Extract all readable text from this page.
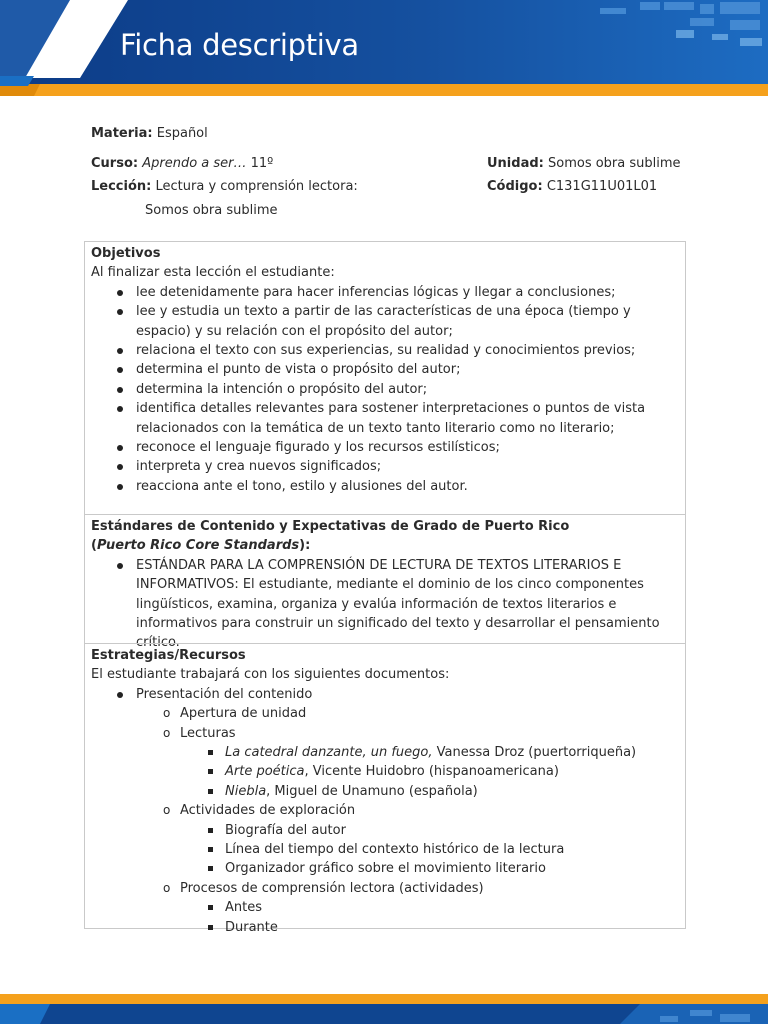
Ficha descriptiva
Materia: Español
Curso: Aprendo a ser… 11º
Lección: Lectura y comprensión lectora:
Somos obra sublime
Unidad: Somos obra sublime
Código: C131G11U01L01
Objetivos
Al finalizar esta lección el estudiante:
lee detenidamente para hacer inferencias lógicas y llegar a conclusiones;
lee y estudia un texto a partir de las características de una época (tiempo y espacio) y su relación con el propósito del autor;
relaciona el texto con sus experiencias, su realidad y conocimientos previos;
determina el punto de vista o propósito del autor;
determina la intención o propósito del autor;
identifica detalles relevantes para sostener interpretaciones o puntos de vista relacionados con la temática de un texto tanto literario como no literario;
reconoce el lenguaje figurado y los recursos estilísticos;
interpreta y crea nuevos significados;
reacciona ante el tono, estilo y alusiones del autor.
Estándares de Contenido y Expectativas de Grado de Puerto Rico
(Puerto Rico Core Standards):
ESTÁNDAR PARA LA COMPRENSIÓN DE LECTURA DE TEXTOS LITERARIOS E INFORMATIVOS: El estudiante, mediante el dominio de los cinco componentes lingüísticos, examina, organiza y evalúa información de textos literarios e informativos para construir un significado del texto y desarrollar el pensamiento crítico.
Estrategias/Recursos
El estudiante trabajará con los siguientes documentos:
Presentación del contenido
o Apertura de unidad
o Lecturas
La catedral danzante, un fuego, Vanessa Droz (puertorriqueña)
Arte poética, Vicente Huidobro (hispanoamericana)
Niebla, Miguel de Unamuno (española)
o Actividades de exploración
Biografía del autor
Línea del tiempo del contexto histórico de la lectura
Organizador gráfico sobre el movimiento literario
o Procesos de comprensión lectora (actividades)
Antes
Durante
